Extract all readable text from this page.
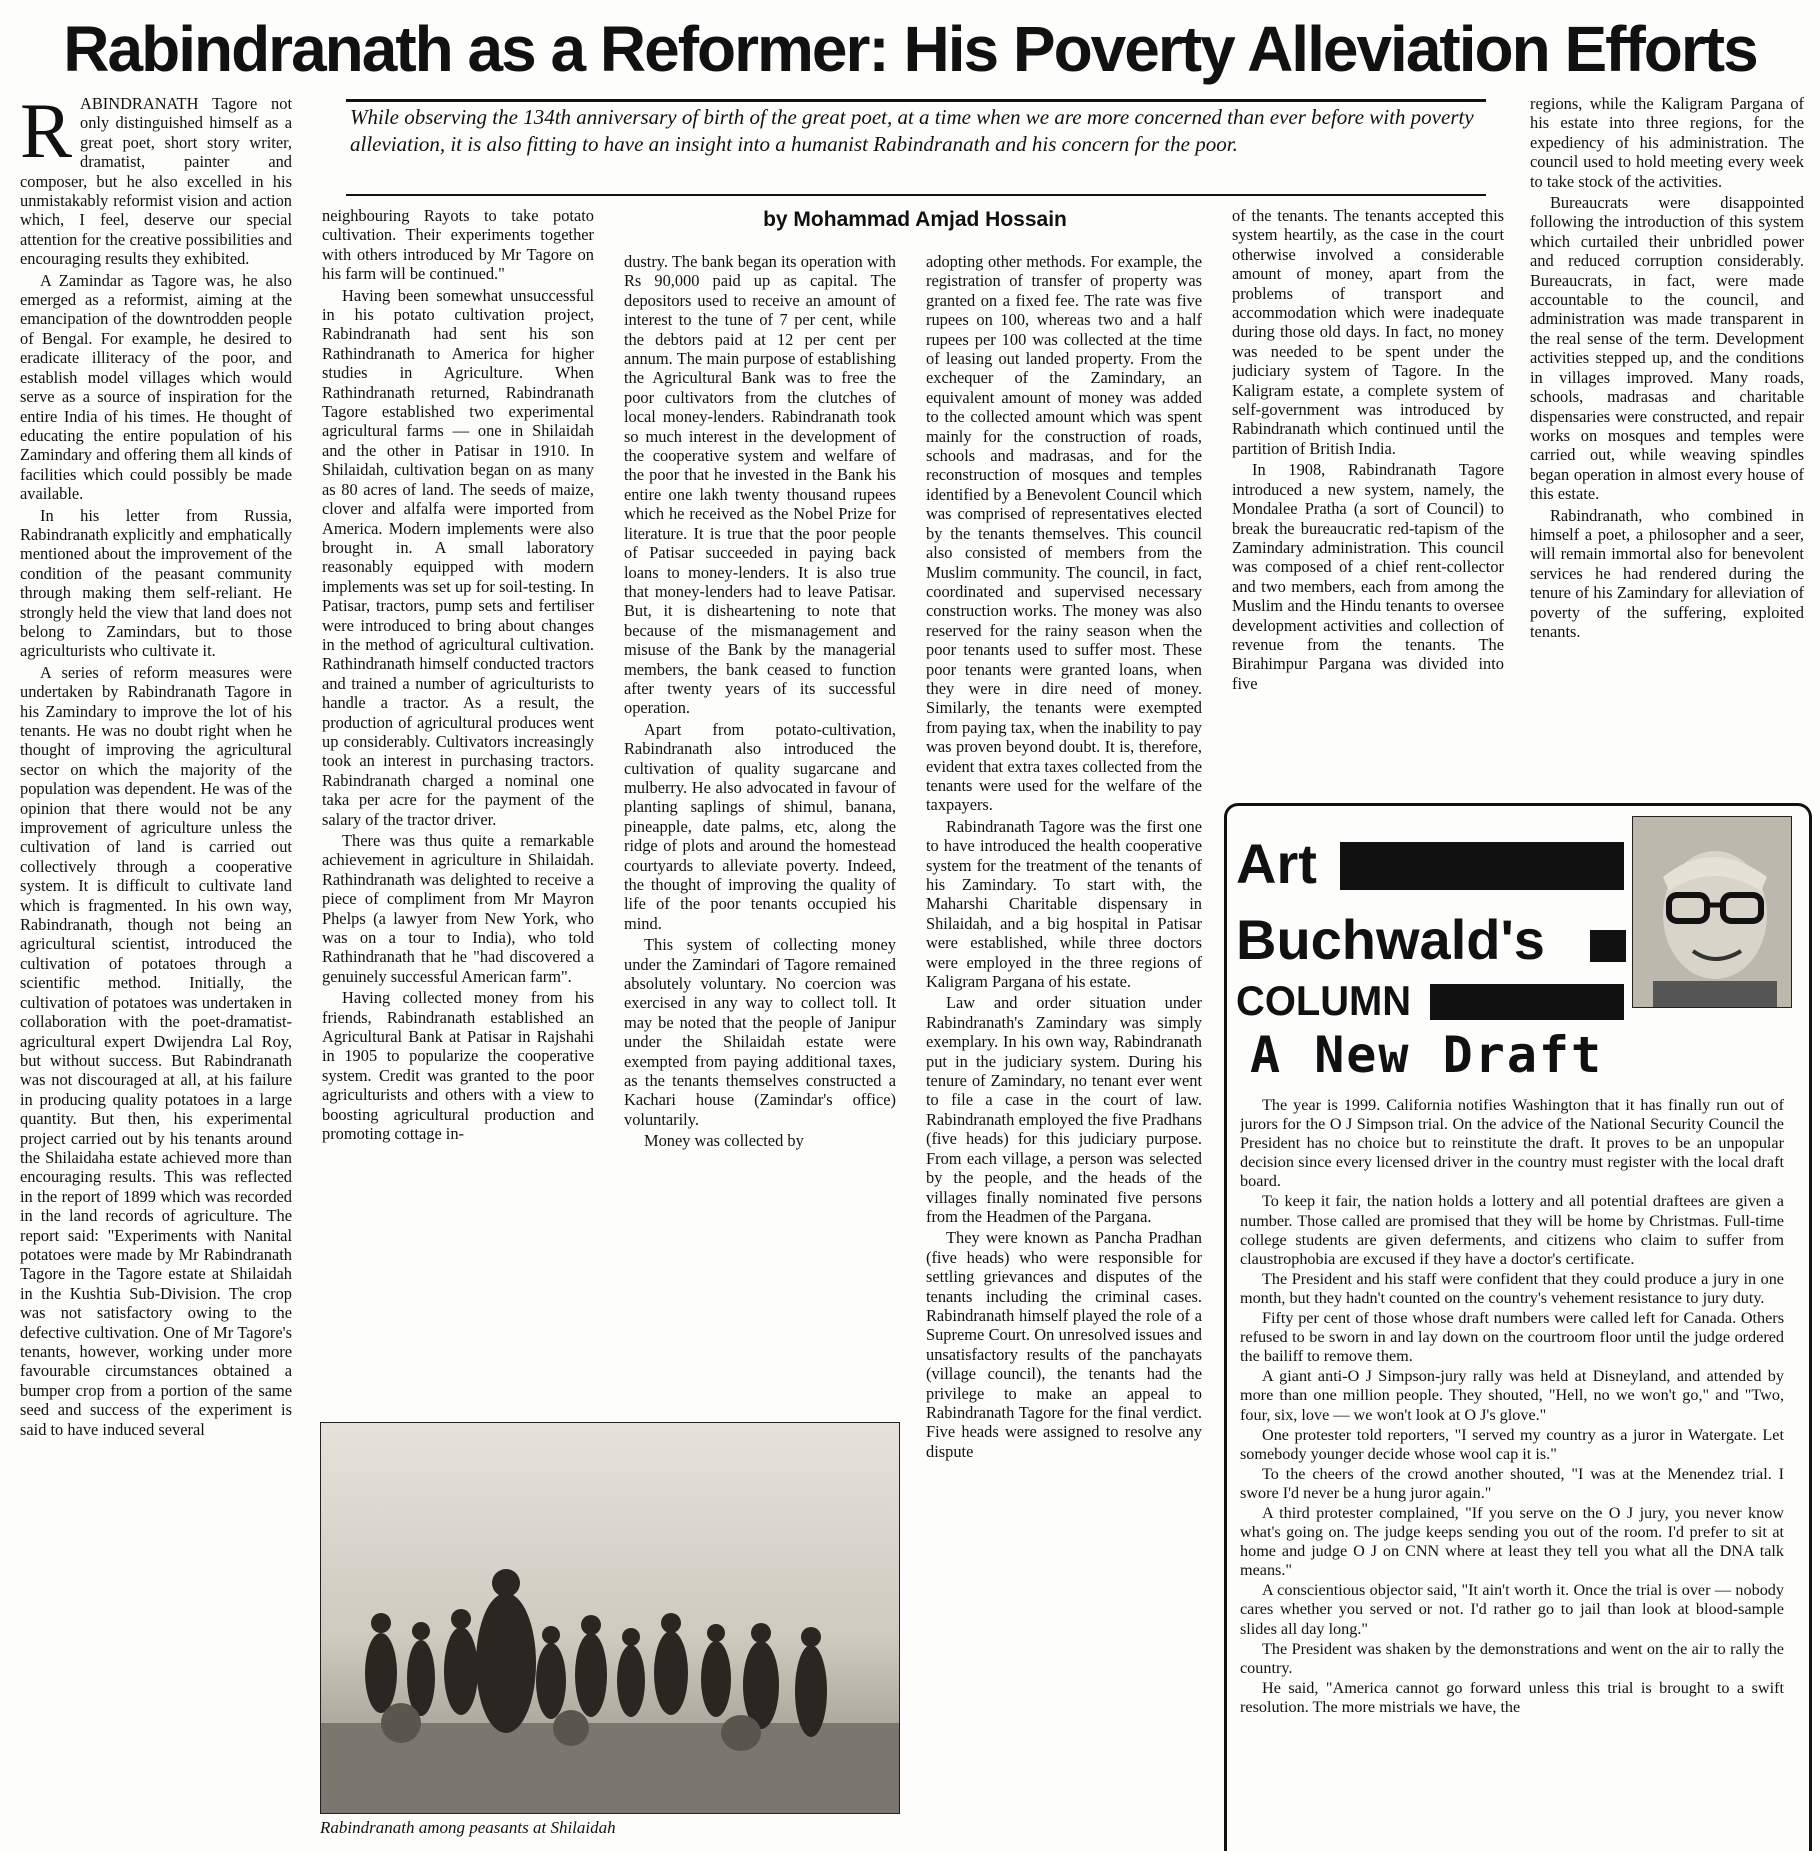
Rabindranath as a Reformer: His Poverty Alleviation Efforts
While observing the 134th anniversary of birth of the great poet, at a time when we are more concerned than ever before with poverty alleviation, it is also fitting to have an insight into a humanist Rabindranath and his concern for the poor.
by Mohammad Amjad Hossain

RABINDRANATH Tagore not only distinguished himself as a great poet, short story writer, dramatist, painter and composer, but he also excelled in his unmistakably reformist vision and action which, I feel, deserve our special attention for the creative possibilities and encouraging results they exhibited.

A Zamindar as Tagore was, he also emerged as a reformist, aiming at the emancipation of the downtrodden people of Bengal. For example, he desired to eradicate illiteracy of the poor, and establish model villages which would serve as a source of inspiration for the entire India of his times. He thought of educating the entire population of his Zamindary and offering them all kinds of facilities which could possibly be made available.

In his letter from Russia, Rabindranath explicitly and emphatically mentioned about the improvement of the condition of the peasant community through making them self-reliant. He strongly held the view that land does not belong to Zamindars, but to those agriculturists who cultivate it.

A series of reform measures were undertaken by Rabindranath Tagore in his Zamindary to improve the lot of his tenants. He was no doubt right when he thought of improving the agricultural sector on which the majority of the population was dependent. He was of the opinion that there would not be any improvement of agriculture unless the cultivation of land is carried out collectively through a cooperative system. It is difficult to cultivate land which is fragmented. In his own way, Rabindranath, though not being an agricultural scientist, introduced the cultivation of potatoes through a scientific method. Initially, the cultivation of potatoes was undertaken in collaboration with the poet-dramatist-agricultural expert Dwijendra Lal Roy, but without success. But Rabindranath was not discouraged at all, at his failure in producing quality potatoes in a large quantity. But then, his experimental project carried out by his tenants around the Shilaidaha estate achieved more than encouraging results. This was reflected in the report of 1899 which was recorded in the land records of agriculture. The report said: "Experiments with Nanital potatoes were made by Mr Rabindranath Tagore in the Tagore estate at Shilaidah in the Kushtia Sub-Division. The crop was not satisfactory owing to the defective cultivation. One of Mr Tagore's tenants, however, working under more favourable circumstances obtained a bumper crop from a portion of the same seed and success of the experiment is said to have induced several

neighbouring Rayots to take potato cultivation. Their experiments together with others introduced by Mr Tagore on his farm will be continued."

Having been somewhat unsuccessful in his potato cultivation project, Rabindranath had sent his son Rathindranath to America for higher studies in Agriculture. When Rathindranath returned, Rabindranath Tagore established two experimental agricultural farms — one in Shilaidah and the other in Patisar in 1910. In Shilaidah, cultivation began on as many as 80 acres of land. The seeds of maize, clover and alfalfa were imported from America. Modern implements were also brought in. A small laboratory reasonably equipped with modern implements was set up for soil-testing. In Patisar, tractors, pump sets and fertiliser were introduced to bring about changes in the method of agricultural cultivation. Rathindranath himself conducted tractors and trained a number of agriculturists to handle a tractor. As a result, the production of agricultural produces went up considerably. Cultivators increasingly took an interest in purchasing tractors. Rabindranath charged a nominal one taka per acre for the payment of the salary of the tractor driver.

There was thus quite a remarkable achievement in agriculture in Shilaidah. Rathindranath was delighted to receive a piece of compliment from Mr Mayron Phelps (a lawyer from New York, who was on a tour to India), who told Rathindranath that he "had discovered a genuinely successful American farm".

Having collected money from his friends, Rabindranath established an Agricultural Bank at Patisar in Rajshahi in 1905 to popularize the cooperative system. Credit was granted to the poor agriculturists and others with a view to boosting agricultural production and promoting cottage in-

dustry. The bank began its operation with Rs 90,000 paid up as capital. The depositors used to receive an amount of interest to the tune of 7 per cent, while the debtors paid at 12 per cent per annum. The main purpose of establishing the Agricultural Bank was to free the poor cultivators from the clutches of local money-lenders. Rabindranath took so much interest in the development of the cooperative system and welfare of the poor that he invested in the Bank his entire one lakh twenty thousand rupees which he received as the Nobel Prize for literature. It is true that the poor people of Patisar succeeded in paying back loans to money-lenders. It is also true that money-lenders had to leave Patisar. But, it is disheartening to note that because of the mismanagement and misuse of the Bank by the managerial members, the bank ceased to function after twenty years of its successful operation.

Apart from potato-cultivation, Rabindranath also introduced the cultivation of quality sugarcane and mulberry. He also advocated in favour of planting saplings of shimul, banana, pineapple, date palms, etc, along the ridge of plots and around the homestead courtyards to alleviate poverty. Indeed, the thought of improving the quality of life of the poor tenants occupied his mind.

This system of collecting money under the Zamindari of Tagore remained absolutely voluntary. No coercion was exercised in any way to collect toll. It may be noted that the people of Janipur under the Shilaidah estate were exempted from paying additional taxes, as the tenants themselves constructed a Kachari house (Zamindar's office) voluntarily.

Money was collected by

adopting other methods. For example, the registration of transfer of property was granted on a fixed fee. The rate was five rupees on 100, whereas two and a half rupees per 100 was collected at the time of leasing out landed property. From the exchequer of the Zamindary, an equivalent amount of money was added to the collected amount which was spent mainly for the construction of roads, schools and madrasas, and for the reconstruction of mosques and temples identified by a Benevolent Council which was comprised of representatives elected by the tenants themselves. This council also consisted of members from the Muslim community. The council, in fact, coordinated and supervised necessary construction works. The money was also reserved for the rainy season when the poor tenants used to suffer most. These poor tenants were granted loans, when they were in dire need of money. Similarly, the tenants were exempted from paying tax, when the inability to pay was proven beyond doubt. It is, therefore, evident that extra taxes collected from the tenants were used for the welfare of the taxpayers.

Rabindranath Tagore was the first one to have introduced the health cooperative system for the treatment of the tenants of his Zamindary. To start with, the Maharshi Charitable dispensary in Shilaidah, and a big hospital in Patisar were established, while three doctors were employed in the three regions of Kaligram Pargana of his estate.

Law and order situation under Rabindranath's Zamindary was simply exemplary. In his own way, Rabindranath put in the judiciary system. During his tenure of Zamindary, no tenant ever went to file a case in the court of law. Rabindranath employed the five Pradhans (five heads) for this judiciary purpose. From each village, a person was selected by the people, and the heads of the villages finally nominated five persons from the Headmen of the Pargana.

They were known as Pancha Pradhan (five heads) who were responsible for settling grievances and disputes of the tenants including the criminal cases. Rabindranath himself played the role of a Supreme Court. On unresolved issues and unsatisfactory results of the panchayats (village council), the tenants had the privilege to make an appeal to Rabindranath Tagore for the final verdict. Five heads were assigned to resolve any dispute

of the tenants. The tenants accepted this system heartily, as the case in the court otherwise involved a considerable amount of money, apart from the problems of transport and accommodation which were inadequate during those old days. In fact, no money was needed to be spent under the judiciary system of Tagore. In the Kaligram estate, a complete system of self-government was introduced by Rabindranath which continued until the partition of British India.

In 1908, Rabindranath Tagore introduced a new system, namely, the Mondalee Pratha (a sort of Council) to break the bureaucratic red-tapism of the Zamindary administration. This council was composed of a chief rent-collector and two members, each from among the Muslim and the Hindu tenants to oversee development activities and collection of revenue from the tenants. The Birahimpur Pargana was divided into five

regions, while the Kaligram Pargana of his estate into three regions, for the expediency of his administration. The council used to hold meeting every week to take stock of the activities.

Bureaucrats were disappointed following the introduction of this system which curtailed their unbridled power and reduced corruption considerably. Bureaucrats, in fact, were made accountable to the council, and administration was made transparent in the real sense of the term. Development activities stepped up, and the conditions in villages improved. Many roads, schools, madrasas and charitable dispensaries were constructed, and repair works on mosques and temples were carried out, while weaving spindles began operation in almost every house of this estate.

Rabindranath, who combined in himself a poet, a philosopher and a seer, will remain immortal also for benevolent services he had rendered during the tenure of his Zamindary for alleviation of poverty of the suffering, exploited tenants.

Rabindranath among peasants at Shilaidah
Art
Buchwald's
COLUMN
A New Draft

The year is 1999. California notifies Washington that it has finally run out of jurors for the O J Simpson trial. On the advice of the National Security Council the President has no choice but to reinstitute the draft. It proves to be an unpopular decision since every licensed driver in the country must register with the local draft board.

To keep it fair, the nation holds a lottery and all potential draftees are given a number. Those called are promised that they will be home by Christmas. Full-time college students are given deferments, and citizens who claim to suffer from claustrophobia are excused if they have a doctor's certificate.

The President and his staff were confident that they could produce a jury in one month, but they hadn't counted on the country's vehement resistance to jury duty.

Fifty per cent of those whose draft numbers were called left for Canada. Others refused to be sworn in and lay down on the courtroom floor until the judge ordered the bailiff to remove them.

A giant anti-O J Simpson-jury rally was held at Disneyland, and attended by more than one million people. They shouted, "Hell, no we won't go," and "Two, four, six, love — we won't look at O J's glove."

One protester told reporters, "I served my country as a juror in Watergate. Let somebody younger decide whose wool cap it is."

To the cheers of the crowd another shouted, "I was at the Menendez trial. I swore I'd never be a hung juror again."

A third protester complained, "If you serve on the O J jury, you never know what's going on. The judge keeps sending you out of the room. I'd prefer to sit at home and judge O J on CNN where at least they tell you what all the DNA talk means."

A conscientious objector said, "It ain't worth it. Once the trial is over — nobody cares whether you served or not. I'd rather go to jail than look at blood-sample slides all day long."

The President was shaken by the demonstrations and went on the air to rally the country.

He said, "America cannot go forward unless this trial is brought to a swift resolution. The more mistrials we have, the
